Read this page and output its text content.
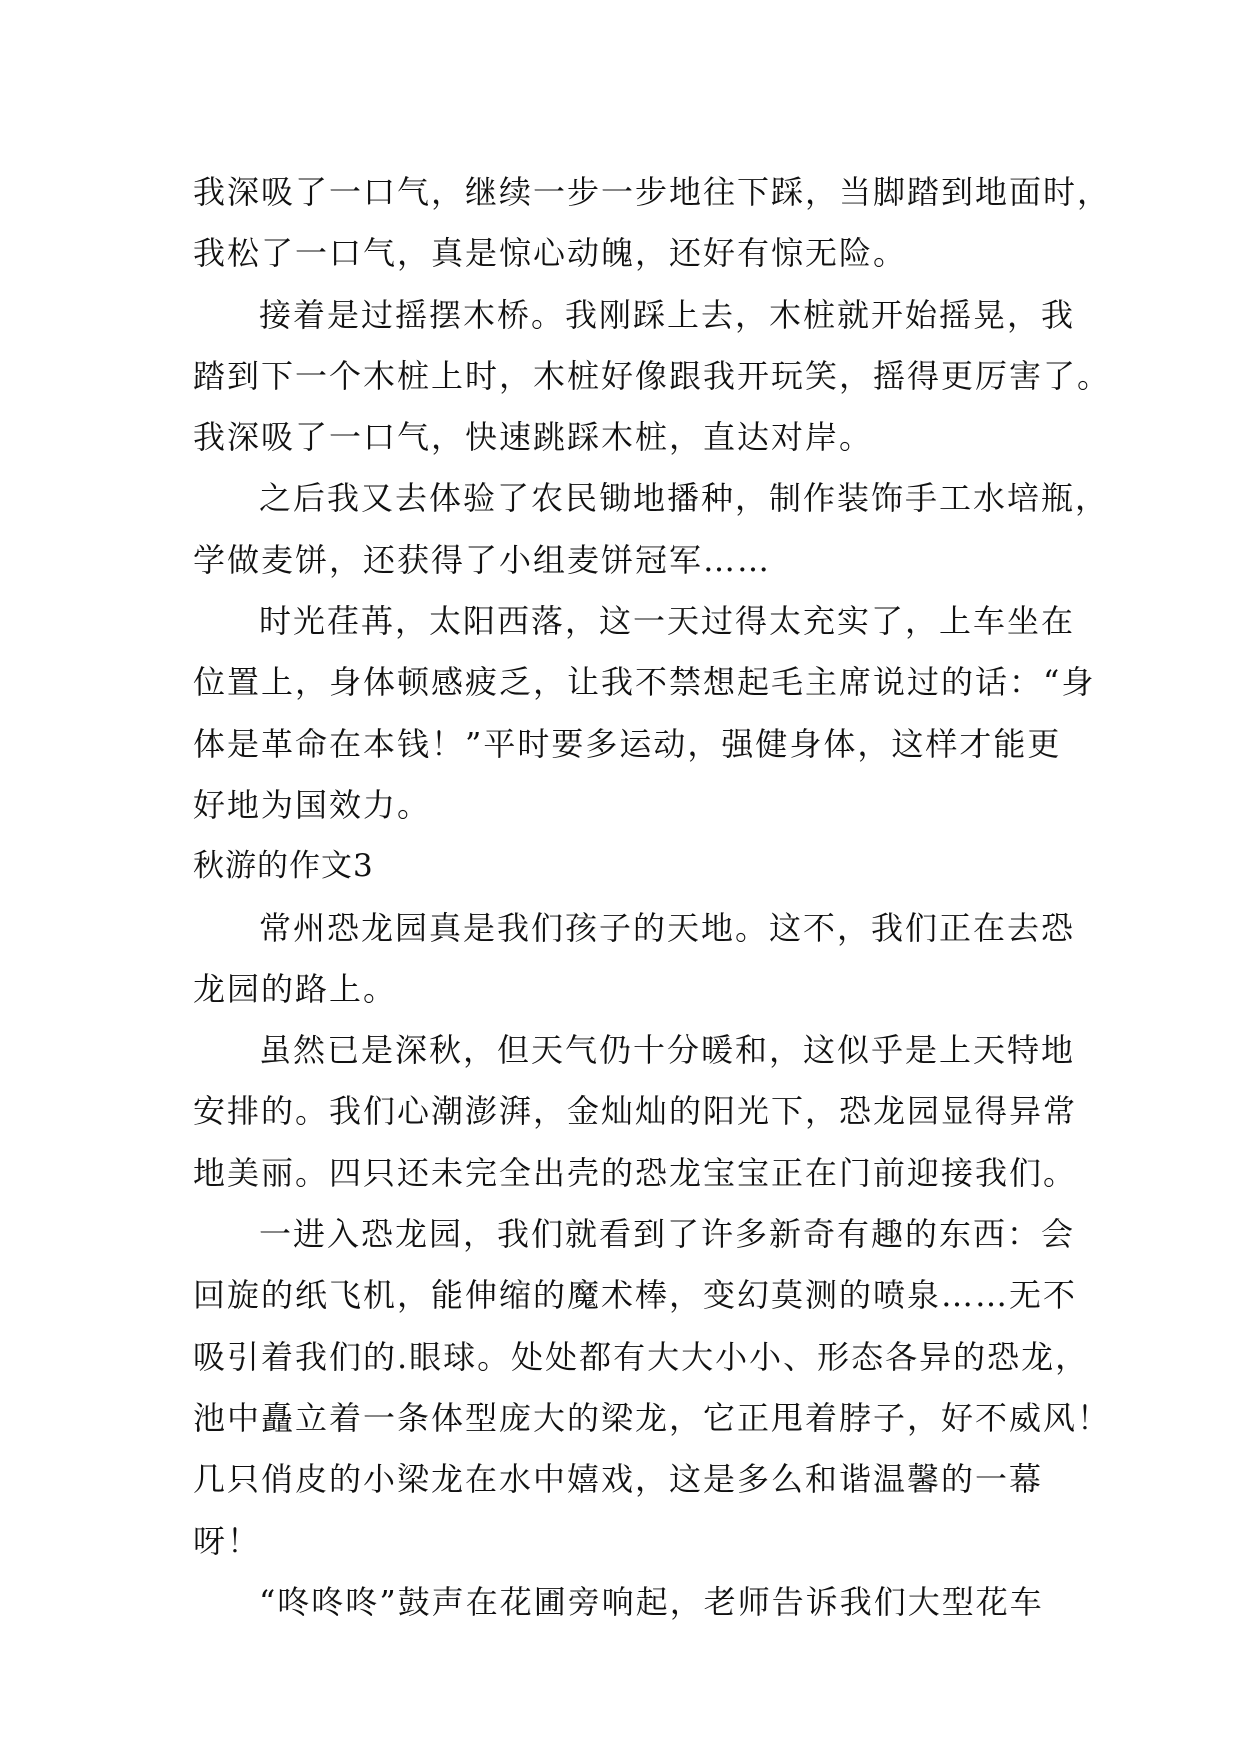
我深吸了一口气，继续一步一步地往下踩，当脚踏到地面时，
我松了一口气，真是惊心动魄，还好有惊无险。
接着是过摇摆木桥。我刚踩上去，木桩就开始摇晃，我
踏到下一个木桩上时，木桩好像跟我开玩笑，摇得更厉害了。
我深吸了一口气，快速跳踩木桩，直达对岸。
之后我又去体验了农民锄地播种，制作装饰手工水培瓶，
学做麦饼，还获得了小组麦饼冠军……
时光荏苒，太阳西落，这一天过得太充实了，上车坐在
位置上，身体顿感疲乏，让我不禁想起毛主席说过的话：“身
体是革命在本钱！”平时要多运动，强健身体，这样才能更
好地为国效力。
秋游的作文3
常州恐龙园真是我们孩子的天地。这不，我们正在去恐
龙园的路上。
虽然已是深秋，但天气仍十分暖和，这似乎是上天特地
安排的。我们心潮澎湃，金灿灿的阳光下，恐龙园显得异常
地美丽。四只还未完全出壳的恐龙宝宝正在门前迎接我们。
一进入恐龙园，我们就看到了许多新奇有趣的东西：会
回旋的纸飞机，能伸缩的魔术棒，变幻莫测的喷泉……无不
吸引着我们的.眼球。处处都有大大小小、形态各异的恐龙，
池中矗立着一条体型庞大的梁龙，它正甩着脖子，好不威风！
几只俏皮的小梁龙在水中嬉戏，这是多么和谐温馨的一幕
呀！
“咚咚咚”鼓声在花圃旁响起，老师告诉我们大型花车
